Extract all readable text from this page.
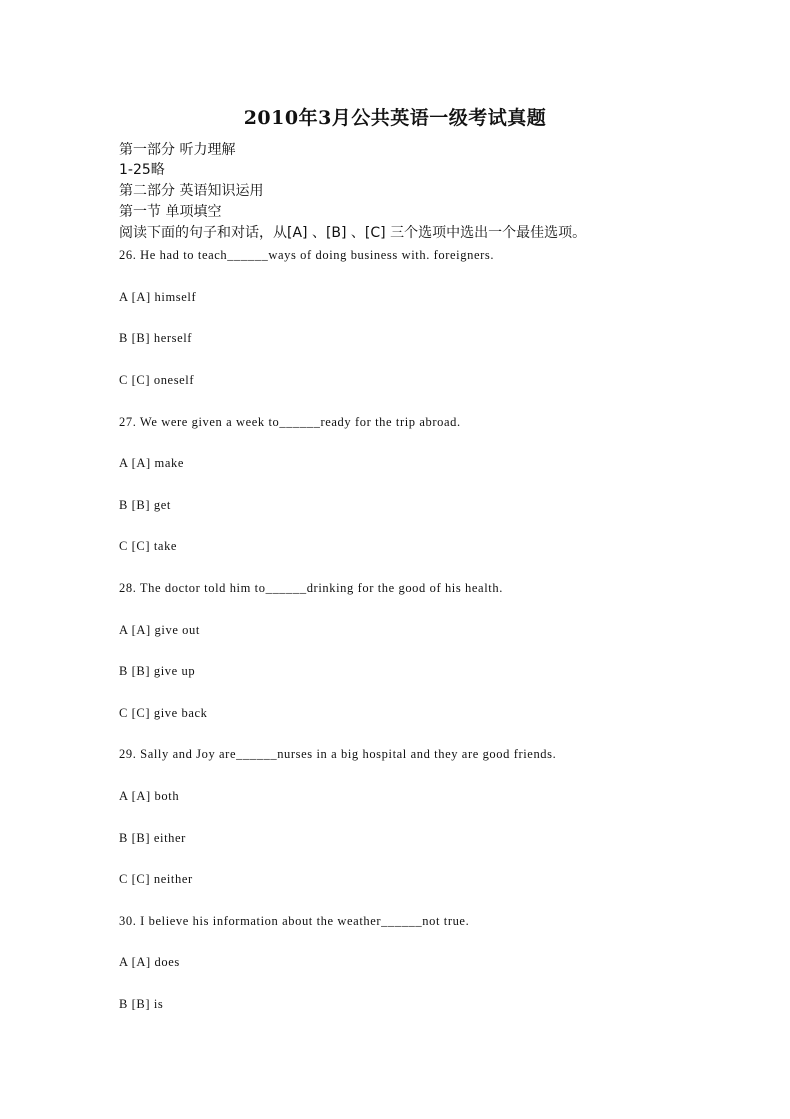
2010年3月公共英语一级考试真题
第一部分 听力理解
1-25略
第二部分 英语知识运用
第一节 单项填空
阅读下面的句子和对话，从[A] 、[B] 、[C] 三个选项中选出一个最佳选项。
26. He had to teach______ways of doing business with. foreigners.
A [A] himself
B [B] herself
C [C] oneself
27. We were given a week to______ready for the trip abroad.
A [A] make
B [B] get
C [C] take
28. The doctor told him to______drinking for the good of his health.
A [A] give out
B [B] give up
C [C] give back
29. Sally and Joy are______nurses in a big hospital and they are good friends.
A [A] both
B [B] either
C [C] neither
30. I believe his information about the weather______not true.
A [A] does
B [B] is
